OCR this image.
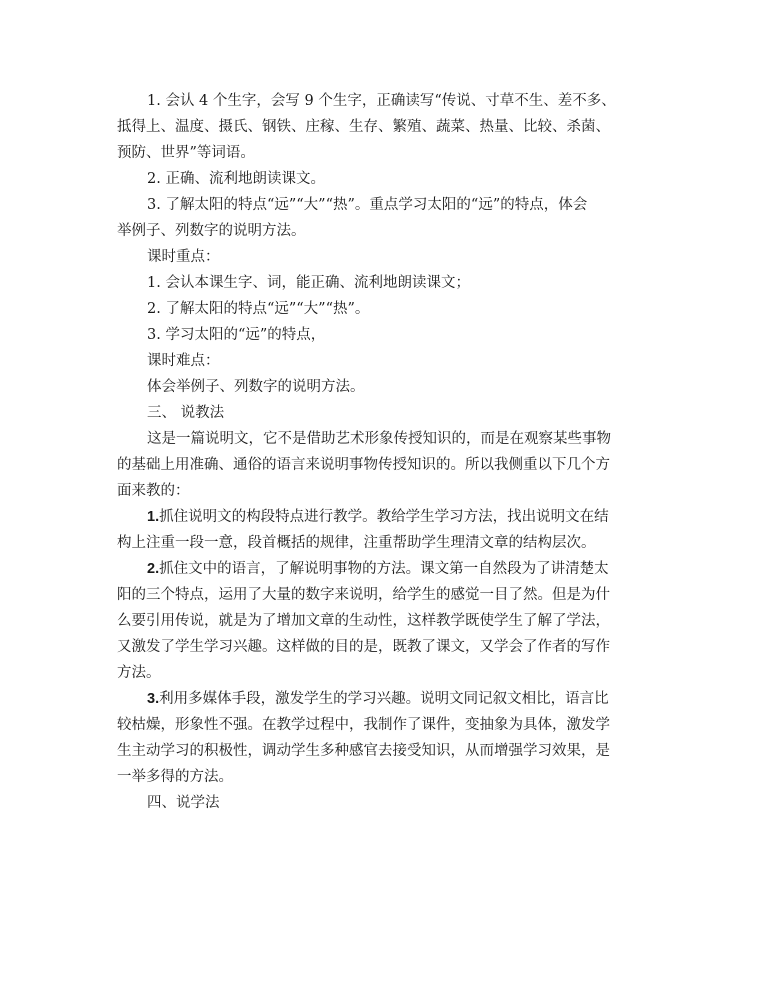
1. 会认 4 个生字，会写 9 个生字，正确读写“传说、寸草不生、差不多、

抵得上、温度、摄氏、钢铁、庄稼、生存、繁殖、蔬菜、热量、比较、杀菌、

预防、世界”等词语。

2. 正确、流利地朗读课文。

3. 了解太阳的特点“远”“大”“热”。重点学习太阳的“远”的特点，体会

举例子、列数字的说明方法。

课时重点：

1. 会认本课生字、词，能正确、流利地朗读课文；

2. 了解太阳的特点“远”“大”“热”。

3. 学习太阳的“远”的特点，

课时难点：

体会举例子、列数字的说明方法。

三、 说教法

这是一篇说明文，它不是借助艺术形象传授知识的，而是在观察某些事物

的基础上用准确、通俗的语言来说明事物传授知识的。所以我侧重以下几个方

面来教的：

1.抓住说明文的构段特点进行教学。教给学生学习方法，找出说明文在结

构上注重一段一意，段首概括的规律，注重帮助学生理清文章的结构层次。

2.抓住文中的语言，了解说明事物的方法。课文第一自然段为了讲清楚太

阳的三个特点，运用了大量的数字来说明，给学生的感觉一目了然。但是为什

么要引用传说，就是为了增加文章的生动性，这样教学既使学生了解了学法，

又激发了学生学习兴趣。这样做的目的是，既教了课文，又学会了作者的写作

方法。

3.利用多媒体手段，激发学生的学习兴趣。说明文同记叙文相比，语言比

较枯燥，形象性不强。在教学过程中，我制作了课件，变抽象为具体，激发学

生主动学习的积极性，调动学生多种感官去接受知识，从而增强学习效果，是

一举多得的方法。

四、说学法
